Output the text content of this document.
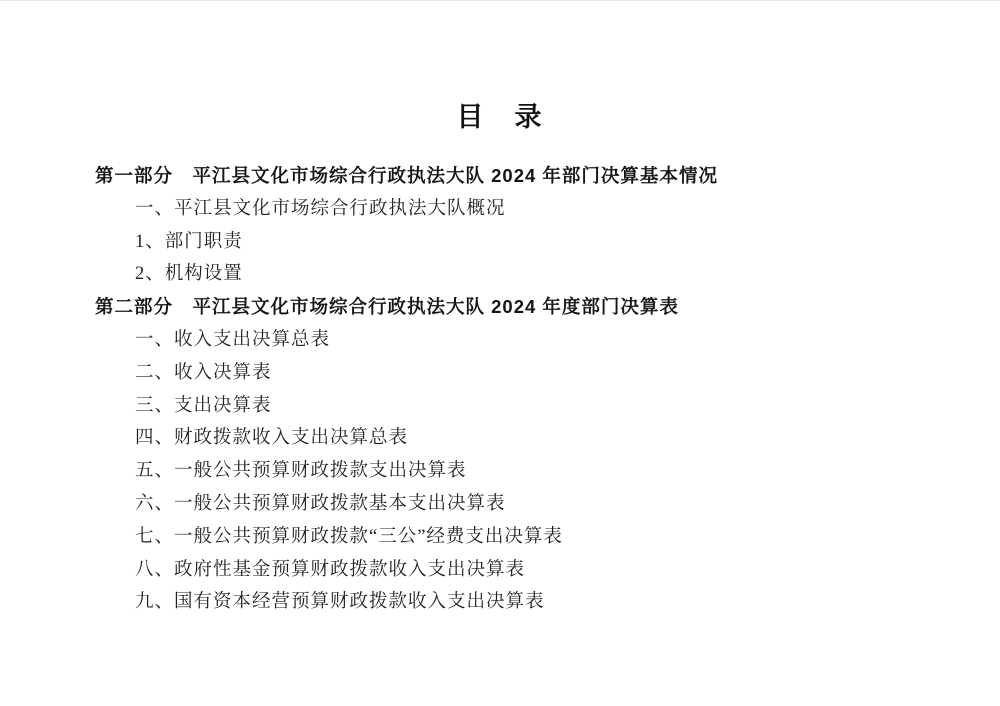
目　录
第一部分　平江县文化市场综合行政执法大队 2024 年部门决算基本情况
一、平江县文化市场综合行政执法大队概况
1、部门职责
2、机构设置
第二部分　平江县文化市场综合行政执法大队 2024 年度部门决算表
一、收入支出决算总表
二、收入决算表
三、支出决算表
四、财政拨款收入支出决算总表
五、一般公共预算财政拨款支出决算表
六、一般公共预算财政拨款基本支出决算表
七、一般公共预算财政拨款“三公”经费支出决算表
八、政府性基金预算财政拨款收入支出决算表
九、国有资本经营预算财政拨款收入支出决算表
